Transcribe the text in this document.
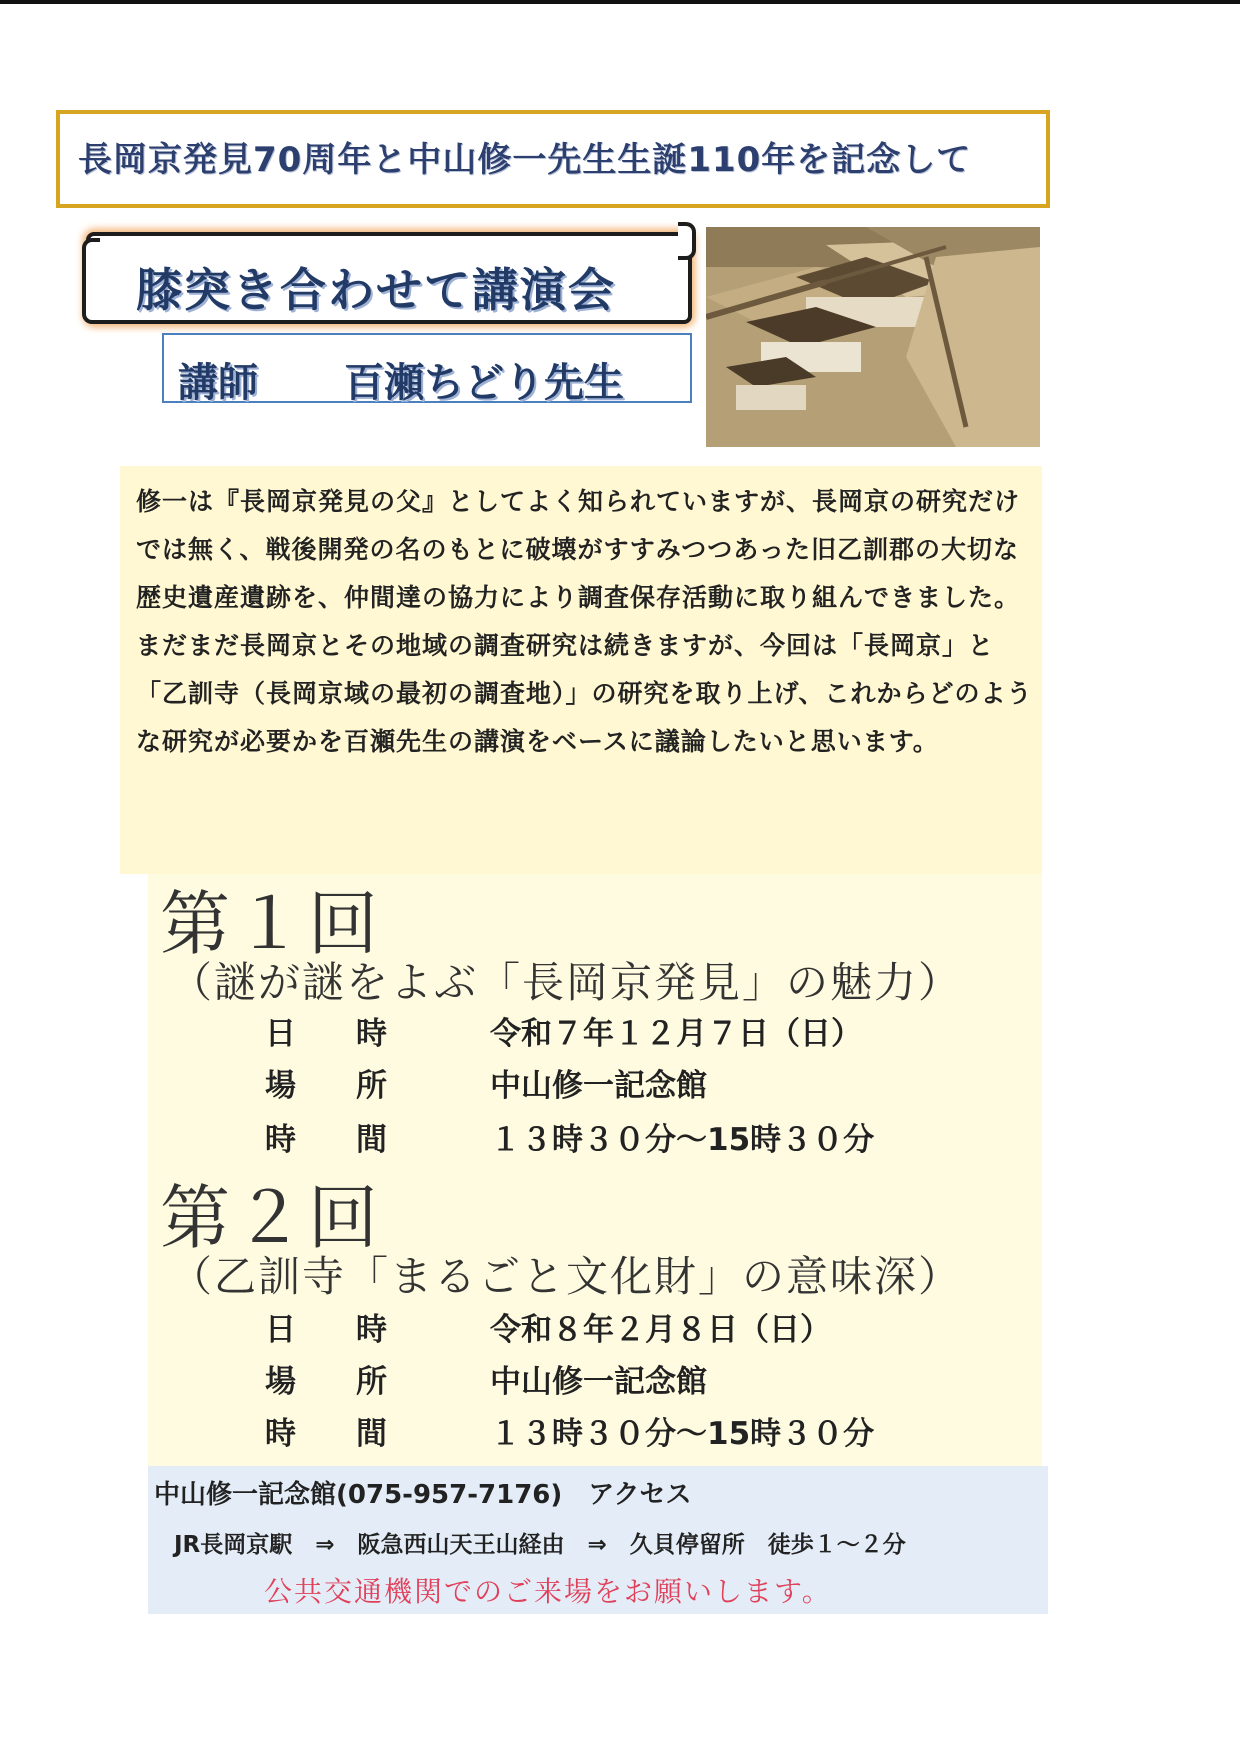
長岡京発見70周年と中山修一先生生誕110年を記念して
膝突き合わせて講演会
講師 百瀬ちどり先生

修一は『長岡京発見の父』としてよく知られていますが、長岡京の研究だけでは無く、戦後開発の名のもとに破壊がすすみつつあった旧乙訓郡の大切な歴史遺産遺跡を、仲間達の協力により調査保存活動に取り組んできました。まだまだ長岡京とその地域の調査研究は続きますが、今回は「長岡京」と「乙訓寺（長岡京域の最初の調査地）」の研究を取り上げ、これからどのような研究が必要かを百瀬先生の講演をベースに議論したいと思います。

第１回
（謎が謎をよぶ「長岡京発見」の魅力）
日時 令和７年１２月７日（日）
場所 中山修一記念館
時間 １３時３０分～15時３０分
第２回
（乙訓寺「まるごと文化財」の意味深）
日時 令和８年２月８日（日）
場所 中山修一記念館
時間 １３時３０分～15時３０分
中山修一記念館(075-957-7176)　アクセス
JR長岡京駅　⇒　阪急西山天王山経由　⇒　久貝停留所　徒歩１～２分
公共交通機関でのご来場をお願いします。
